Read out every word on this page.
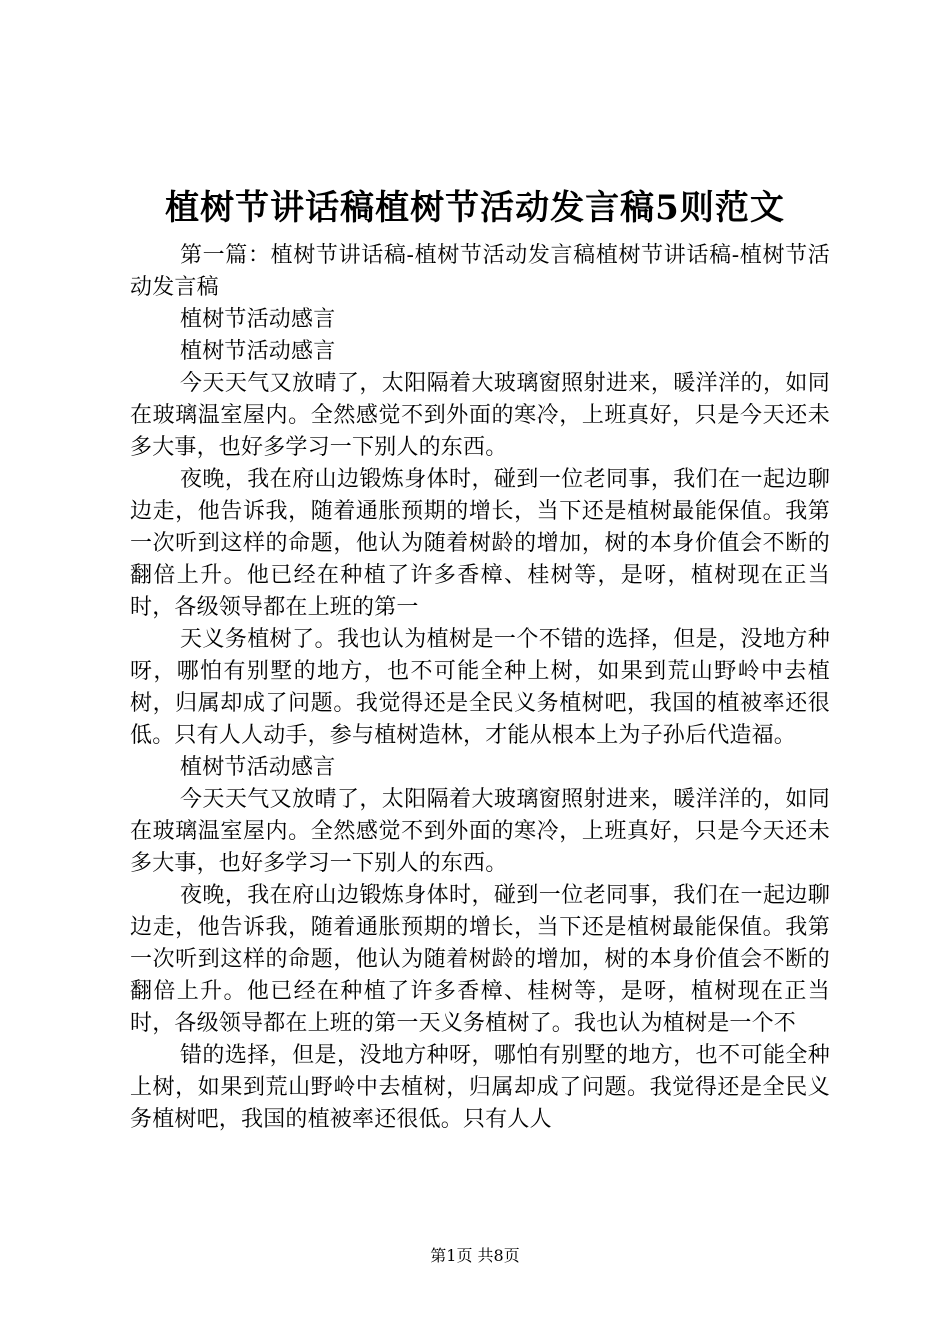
植树节讲话稿植树节活动发言稿5则范文

第一篇：植树节讲话稿-植树节活动发言稿植树节讲话稿-植树节活动发言稿

植树节活动感言

植树节活动感言

今天天气又放晴了，太阳隔着大玻璃窗照射进来，暖洋洋的，如同在玻璃温室屋内。全然感觉不到外面的寒冷，上班真好，只是今天还未多大事，也好多学习一下别人的东西。

夜晚，我在府山边锻炼身体时，碰到一位老同事，我们在一起边聊边走，他告诉我，随着通胀预期的增长，当下还是植树最能保值。我第一次听到这样的命题，他认为随着树龄的增加，树的本身价值会不断的翻倍上升。他已经在种植了许多香樟、桂树等，是呀，植树现在正当时，各级领导都在上班的第一

天义务植树了。我也认为植树是一个不错的选择，但是，没地方种呀，哪怕有别墅的地方，也不可能全种上树，如果到荒山野岭中去植树，归属却成了问题。我觉得还是全民义务植树吧，我国的植被率还很低。只有人人动手，参与植树造林，才能从根本上为子孙后代造福。

植树节活动感言

今天天气又放晴了，太阳隔着大玻璃窗照射进来，暖洋洋的，如同在玻璃温室屋内。全然感觉不到外面的寒冷，上班真好，只是今天还未多大事，也好多学习一下别人的东西。

夜晚，我在府山边锻炼身体时，碰到一位老同事，我们在一起边聊边走，他告诉我，随着通胀预期的增长，当下还是植树最能保值。我第一次听到这样的命题，他认为随着树龄的增加，树的本身价值会不断的翻倍上升。他已经在种植了许多香樟、桂树等，是呀，植树现在正当时，各级领导都在上班的第一天义务植树了。我也认为植树是一个不

错的选择，但是，没地方种呀，哪怕有别墅的地方，也不可能全种上树，如果到荒山野岭中去植树，归属却成了问题。我觉得还是全民义务植树吧，我国的植被率还很低。只有人人

第1页 共8页
